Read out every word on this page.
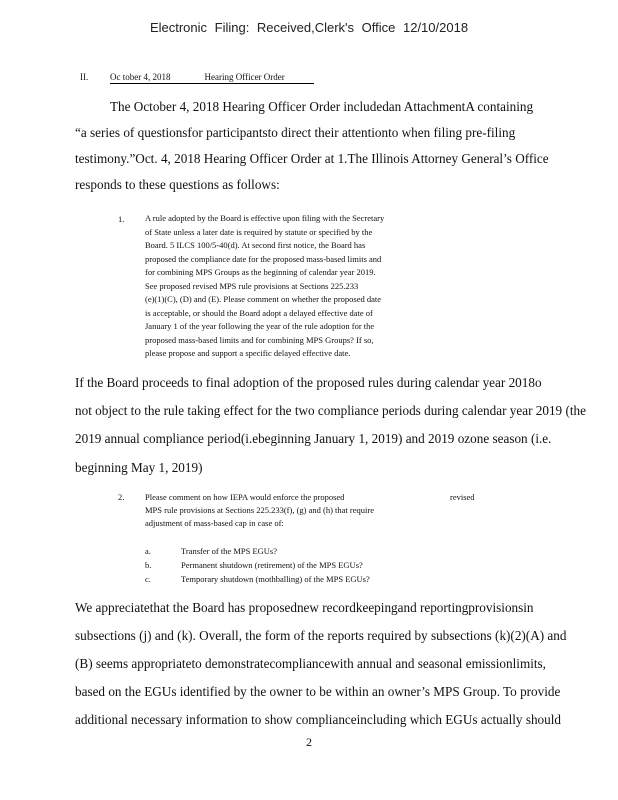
Electronic Filing: Received,Clerk's Office 12/10/2018
II. Oc tober 4, 2018	Hearing Officer Order
The October 4, 2018 Hearing Officer Order includedan AttachmentA containing
“a series of questionsfor participantsto direct their attentionto when filing pre-filing
testimony.”Oct. 4, 2018 Hearing Officer Order at 1.The Illinois Attorney General’s Office
responds to these questions as follows:
1. A rule adopted by the Board is effective upon filing with the Secretary
of State unless a later date is required by statute or specified by the
Board. 5 ILCS 100/5-40(d). At second first notice, the Board has
proposed the compliance date for the proposed mass-based limits and
for combining MPS Groups as the beginning of calendar year 2019.
See proposed revised MPS rule provisions at Sections 225.233
(e)(1)(C), (D) and (E). Please comment on whether the proposed date
is acceptable, or should the Board adopt a delayed effective date of
January 1 of the year following the year of the rule adoption for the
proposed mass-based limits and for combining MPS Groups? If so,
please propose and support a specific delayed effective date.
If the Board proceeds to final adoption of the proposed rules during calendar year 2018o
not object to the rule taking effect for the two compliance periods during calendar year 2019 (the
2019 annual compliance period(i.ebeginning January 1, 2019) and 2019 ozone season (i.e.
beginning May 1, 2019)
2. Please comment on how IEPA would enforce the proposed	revised
MPS rule provisions at Sections 225.233(f), (g) and (h) that require
adjustment of mass-based cap in case of:
a.	Transfer of the MPS EGUs?
b.	Permanent shutdown (retirement) of the MPS EGUs?
c.	Temporary shutdown (mothballing) of the MPS EGUs?
We appreciatethat the Board has proposednew recordkeepingand reportingprovisionsin
subsections (j) and (k). Overall, the form of the reports required by subsections (k)(2)(A) and
(B) seems appropriateto demonstratecompliancewith annual and seasonal emissionlimits,
based on the EGUs identified by the owner to be within an owner’s MPS Group. To provide
additional necessary information to show complianceincluding which EGUs actually should
2
